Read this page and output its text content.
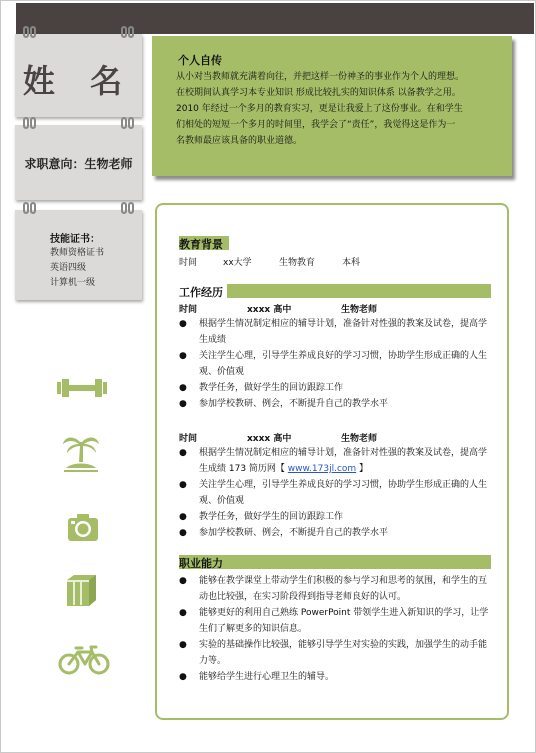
姓 名
求职意向：生物老师
技能证书：
教师资格证书
英语四级
计算机一级
个人自传
从小对当教师就充满着向往，并把这样一份神圣的事业作为个人的理想。
在校期间认真学习本专业知识 形成比较扎实的知识体系 以备教学之用。
2010 年经过一个多月的教育实习，更是让我爱上了这份事业。在和学生
们相处的短短一个多月的时间里，我学会了“责任”，我觉得这是作为一
名教师最应该具备的职业道德。
教育背景
时间	xx大学	生物教育	本科
工作经历
时间	xxxx 高中	生物老师
● 根据学生情况制定相应的辅导计划，准备针对性强的教案及试卷，提高学生成绩
● 关注学生心理，引导学生养成良好的学习习惯，协助学生形成正确的人生观、价值观
● 教学任务，做好学生的回访跟踪工作
● 参加学校教研、例会，不断提升自己的教学水平
时间	xxxx 高中	生物老师
● 根据学生情况制定相应的辅导计划，准备针对性强的教案及试卷，提高学生成绩 173 简历网【 www.173jl.com 】
● 关注学生心理，引导学生养成良好的学习习惯，协助学生形成正确的人生观、价值观
● 教学任务，做好学生的回访跟踪工作
● 参加学校教研、例会，不断提升自己的教学水平
职业能力
● 能够在教学课堂上带动学生们积极的参与学习和思考的氛围，和学生的互动也比较强，在实习阶段得到指导老师良好的认可。
● 能够更好的利用自己熟练 PowerPoint 带领学生进入新知识的学习，让学生们了解更多的知识信息。
● 实验的基础操作比较强，能够引导学生对实验的实践，加强学生的动手能力等。
● 能够给学生进行心理卫生的辅导。
